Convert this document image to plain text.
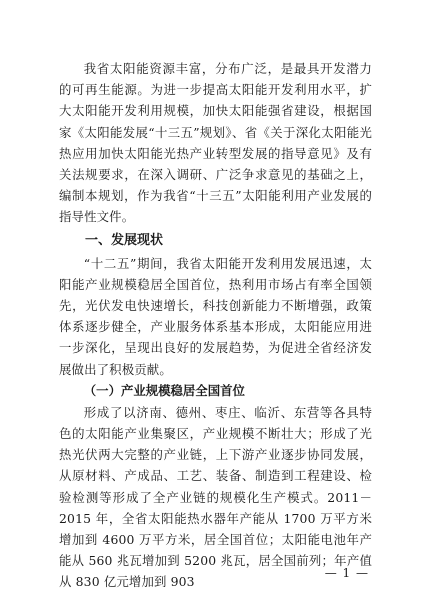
我省太阳能资源丰富，分布广泛，是最具开发潜力的可再生能源。为进一步提高太阳能开发利用水平，扩大太阳能开发利用规模，加快太阳能强省建设，根据国家《太阳能发展“十三五”规划》、省《关于深化太阳能光热应用加快太阳能光热产业转型发展的指导意见》及有关法规要求，在深入调研、广泛争求意见的基础之上，编制本规划，作为我省“十三五”太阳能利用产业发展的指导性文件。

一、发展现状

“十二五”期间，我省太阳能开发利用发展迅速，太阳能产业规模稳居全国首位，热利用市场占有率全国领先，光伏发电快速增长，科技创新能力不断增强，政策体系逐步健全，产业服务体系基本形成，太阳能应用进一步深化，呈现出良好的发展趋势，为促进全省经济发展做出了积极贡献。

（一）产业规模稳居全国首位

形成了以济南、德州、枣庄、临沂、东营等各具特色的太阳能产业集聚区，产业规模不断壮大；形成了光热光伏两大完整的产业链，上下游产业逐步协同发展，从原材料、产成品、工艺、装备、制造到工程建设、检验检测等形成了全产业链的规模化生产模式。2011－2015 年，全省太阳能热水器年产能从 1700 万平方米增加到 4600 万平方米，居全国首位；太阳能电池年产能从 560 兆瓦增加到 5200 兆瓦，居全国前列；年产值从 830 亿元增加到 903

— 1 —
